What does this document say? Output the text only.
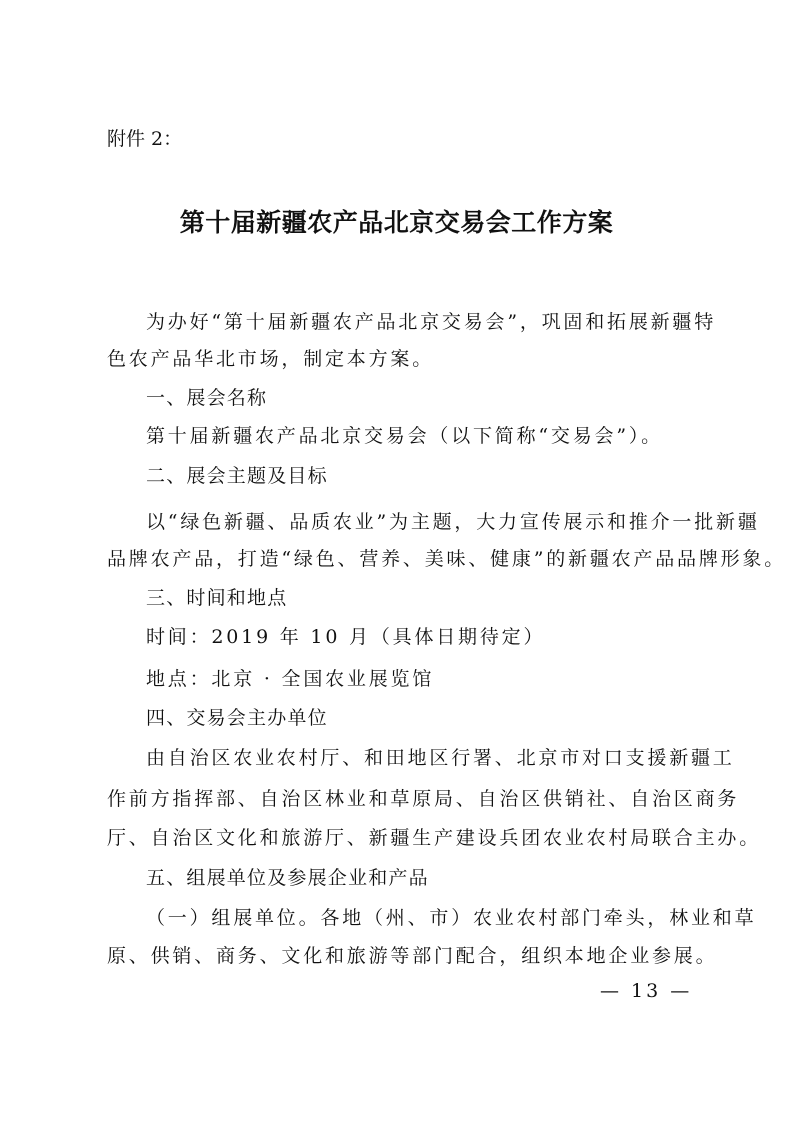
附件 2：
第十届新疆农产品北京交易会工作方案
为办好“第十届新疆农产品北京交易会”，巩固和拓展新疆特
色农产品华北市场，制定本方案。
一、展会名称
第十届新疆农产品北京交易会（以下简称“交易会”）。
二、展会主题及目标
以“绿色新疆、品质农业”为主题，大力宣传展示和推介一批新疆
品牌农产品，打造“绿色、营养、美味、健康”的新疆农产品品牌形象。
三、时间和地点
时间：2019 年 10 月（具体日期待定）
地点：北京 · 全国农业展览馆
四、交易会主办单位
由自治区农业农村厅、和田地区行署、北京市对口支援新疆工
作前方指挥部、自治区林业和草原局、自治区供销社、自治区商务
厅、自治区文化和旅游厅、新疆生产建设兵团农业农村局联合主办。
五、组展单位及参展企业和产品
（一）组展单位。各地（州、市）农业农村部门牵头，林业和草
原、供销、商务、文化和旅游等部门配合，组织本地企业参展。
— 13 —
